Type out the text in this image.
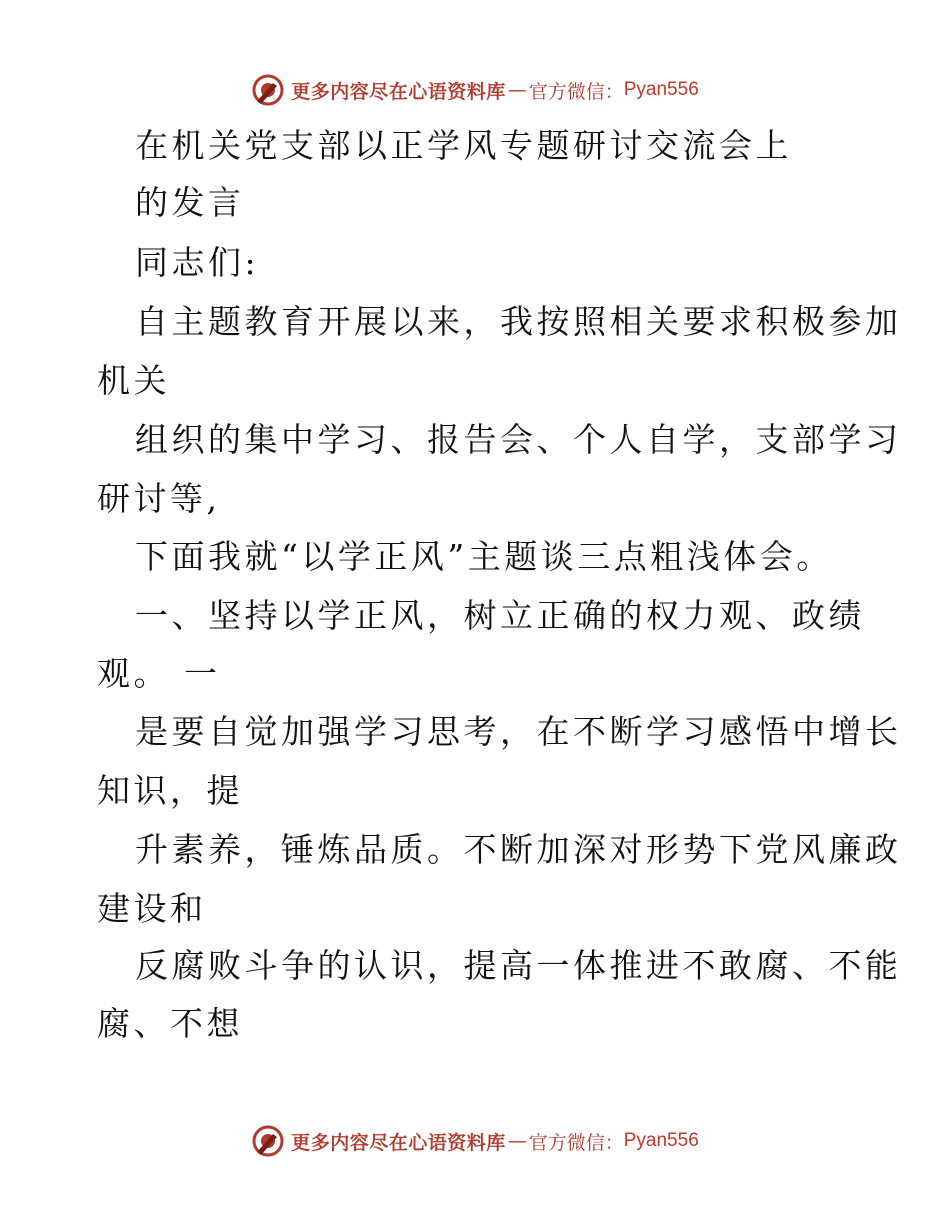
更多内容尽在心语资料库 — 官方微信： Pyan556
在机关党支部以正学风专题研讨交流会上
的发言
同志们:
自主题教育开展以来，我按照相关要求积极参加
机关
组织的集中学习、报告会、个人自学，支部学习
研讨等,
下面我就“以学正风”主题谈三点粗浅体会。
一、坚持以学正风，树立正确的权力观、政绩
观。 一
是要自觉加强学习思考，在不断学习感悟中增长
知识，提
升素养，锤炼品质。不断加深对形势下党风廉政
建设和
反腐败斗争的认识，提高一体推进不敢腐、不能
腐、不想
更多内容尽在心语资料库 — 官方微信： Pyan556
